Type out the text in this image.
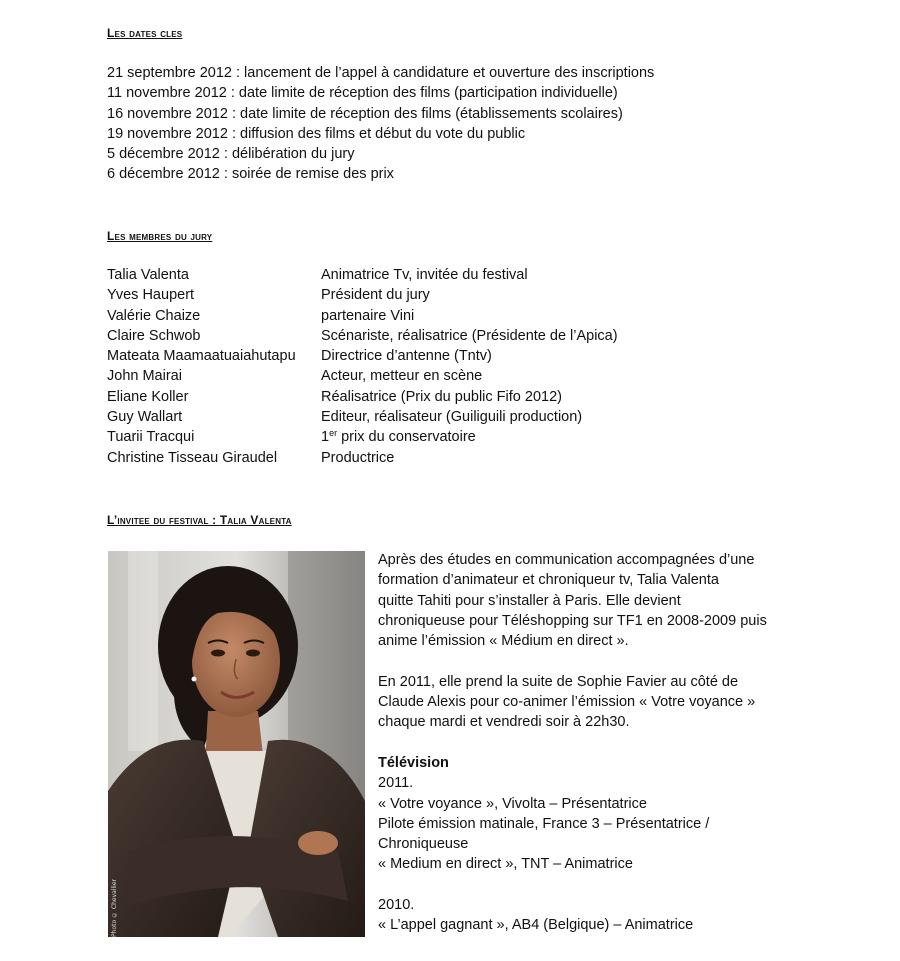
Les dates cles
21 septembre 2012 : lancement de l’appel à candidature et ouverture des inscriptions
11 novembre 2012 : date limite de réception des films (participation individuelle)
16 novembre 2012 : date limite de réception des films (établissements scolaires)
19 novembre 2012 : diffusion des films et début du vote du public
5 décembre 2012 : délibération du jury
6 décembre 2012 : soirée de remise des prix
Les membres du jury
Talia Valenta	Animatrice Tv, invitée du festival
Yves Haupert	Président du jury
Valérie Chaize	partenaire Vini
Claire Schwob	Scénariste, réalisatrice (Présidente de l’Apica)
Mateata Maamaatuaiahutapu	Directrice d’antenne (Tntv)
John Mairai	Acteur, metteur en scène
Eliane Koller	Réalisatrice (Prix du public Fifo 2012)
Guy Wallart	Editeur, réalisateur (Guiliguili production)
Tuarii Tracqui	1er prix du conservatoire
Christine Tisseau Giraudel	Productrice
L’invitee du festival : Talia Valenta
Photo © Chevallier

Après des études en communication accompagnées d’une

formation d’animateur et chroniqueur tv, Talia Valenta

quitte Tahiti pour s’installer à Paris. Elle devient

chroniqueuse pour Téléshopping sur TF1 en 2008-2009 puis

anime l’émission « Médium en direct ».

En 2011, elle prend la suite de Sophie Favier au côté de

Claude Alexis pour co-animer l’émission « Votre voyance »

chaque mardi et vendredi soir à 22h30.

Télévision

2011.

« Votre voyance », Vivolta – Présentatrice

Pilote émission matinale, France 3 – Présentatrice /

Chroniqueuse

« Medium en direct », TNT – Animatrice

2010.

« L’appel gagnant », AB4 (Belgique) – Animatrice
